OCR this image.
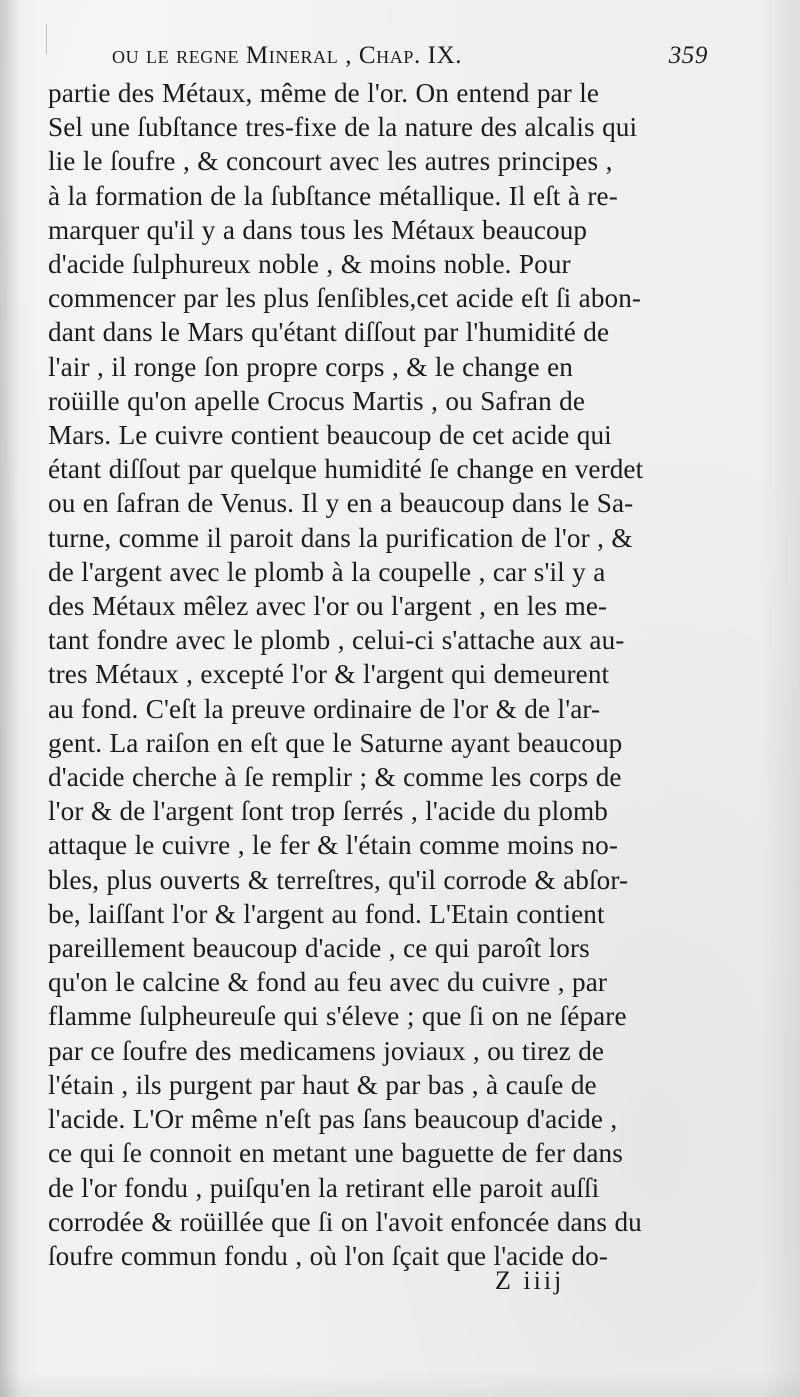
ou le regne Mineral , Chap. IX.	359

partie des Métaux, même de l'or. On entend par le
Sel une ſubſtance tres-fixe de la nature des alcalis qui
lie le ſoufre , & concourt avec les autres principes ,
à la formation de la ſubſtance métallique. Il eſt à re-
marquer qu'il y a dans tous les Métaux beaucoup
d'acide ſulphureux noble , & moins noble. Pour
commencer par les plus ſenſibles,cet acide eſt ſi abon-
dant dans le Mars qu'étant diſſout par l'humidité de
l'air , il ronge ſon propre corps , & le change en
roüille qu'on apelle Crocus Martis , ou Safran de
Mars. Le cuivre contient beaucoup de cet acide qui
étant diſſout par quelque humidité ſe change en verdet
ou en ſafran de Venus. Il y en a beaucoup dans le Sa-
turne, comme il paroit dans la purification de l'or , &
de l'argent avec le plomb à la coupelle , car s'il y a
des Métaux mêlez avec l'or ou l'argent , en les me-
tant fondre avec le plomb , celui-ci s'attache aux au-
tres Métaux , excepté l'or & l'argent qui demeurent
au fond. C'eſt la preuve ordinaire de l'or & de l'ar-
gent. La raiſon en eſt que le Saturne ayant beaucoup
d'acide cherche à ſe remplir ; & comme les corps de
l'or & de l'argent ſont trop ſerrés , l'acide du plomb
attaque le cuivre , le fer & l'étain comme moins no-
bles, plus ouverts & terreſtres, qu'il corrode & abſor-
be, laiſſant l'or & l'argent au fond. L'Etain contient
pareillement beaucoup d'acide , ce qui paroît lors
qu'on le calcine & fond au feu avec du cuivre , par
flamme ſulpheureuſe qui s'éleve ; que ſi on ne ſépare
par ce ſoufre des medicamens joviaux , ou tirez de
l'étain , ils purgent par haut & par bas , à cauſe de
l'acide. L'Or même n'eſt pas ſans beaucoup d'acide ,
ce qui ſe connoit en metant une baguette de fer dans
de l'or fondu , puiſqu'en la retirant elle paroit auſſi
corrodée & roüillée que ſi on l'avoit enfoncée dans du
ſoufre commun fondu , où l'on ſçait que l'acide do-

Z iiij
